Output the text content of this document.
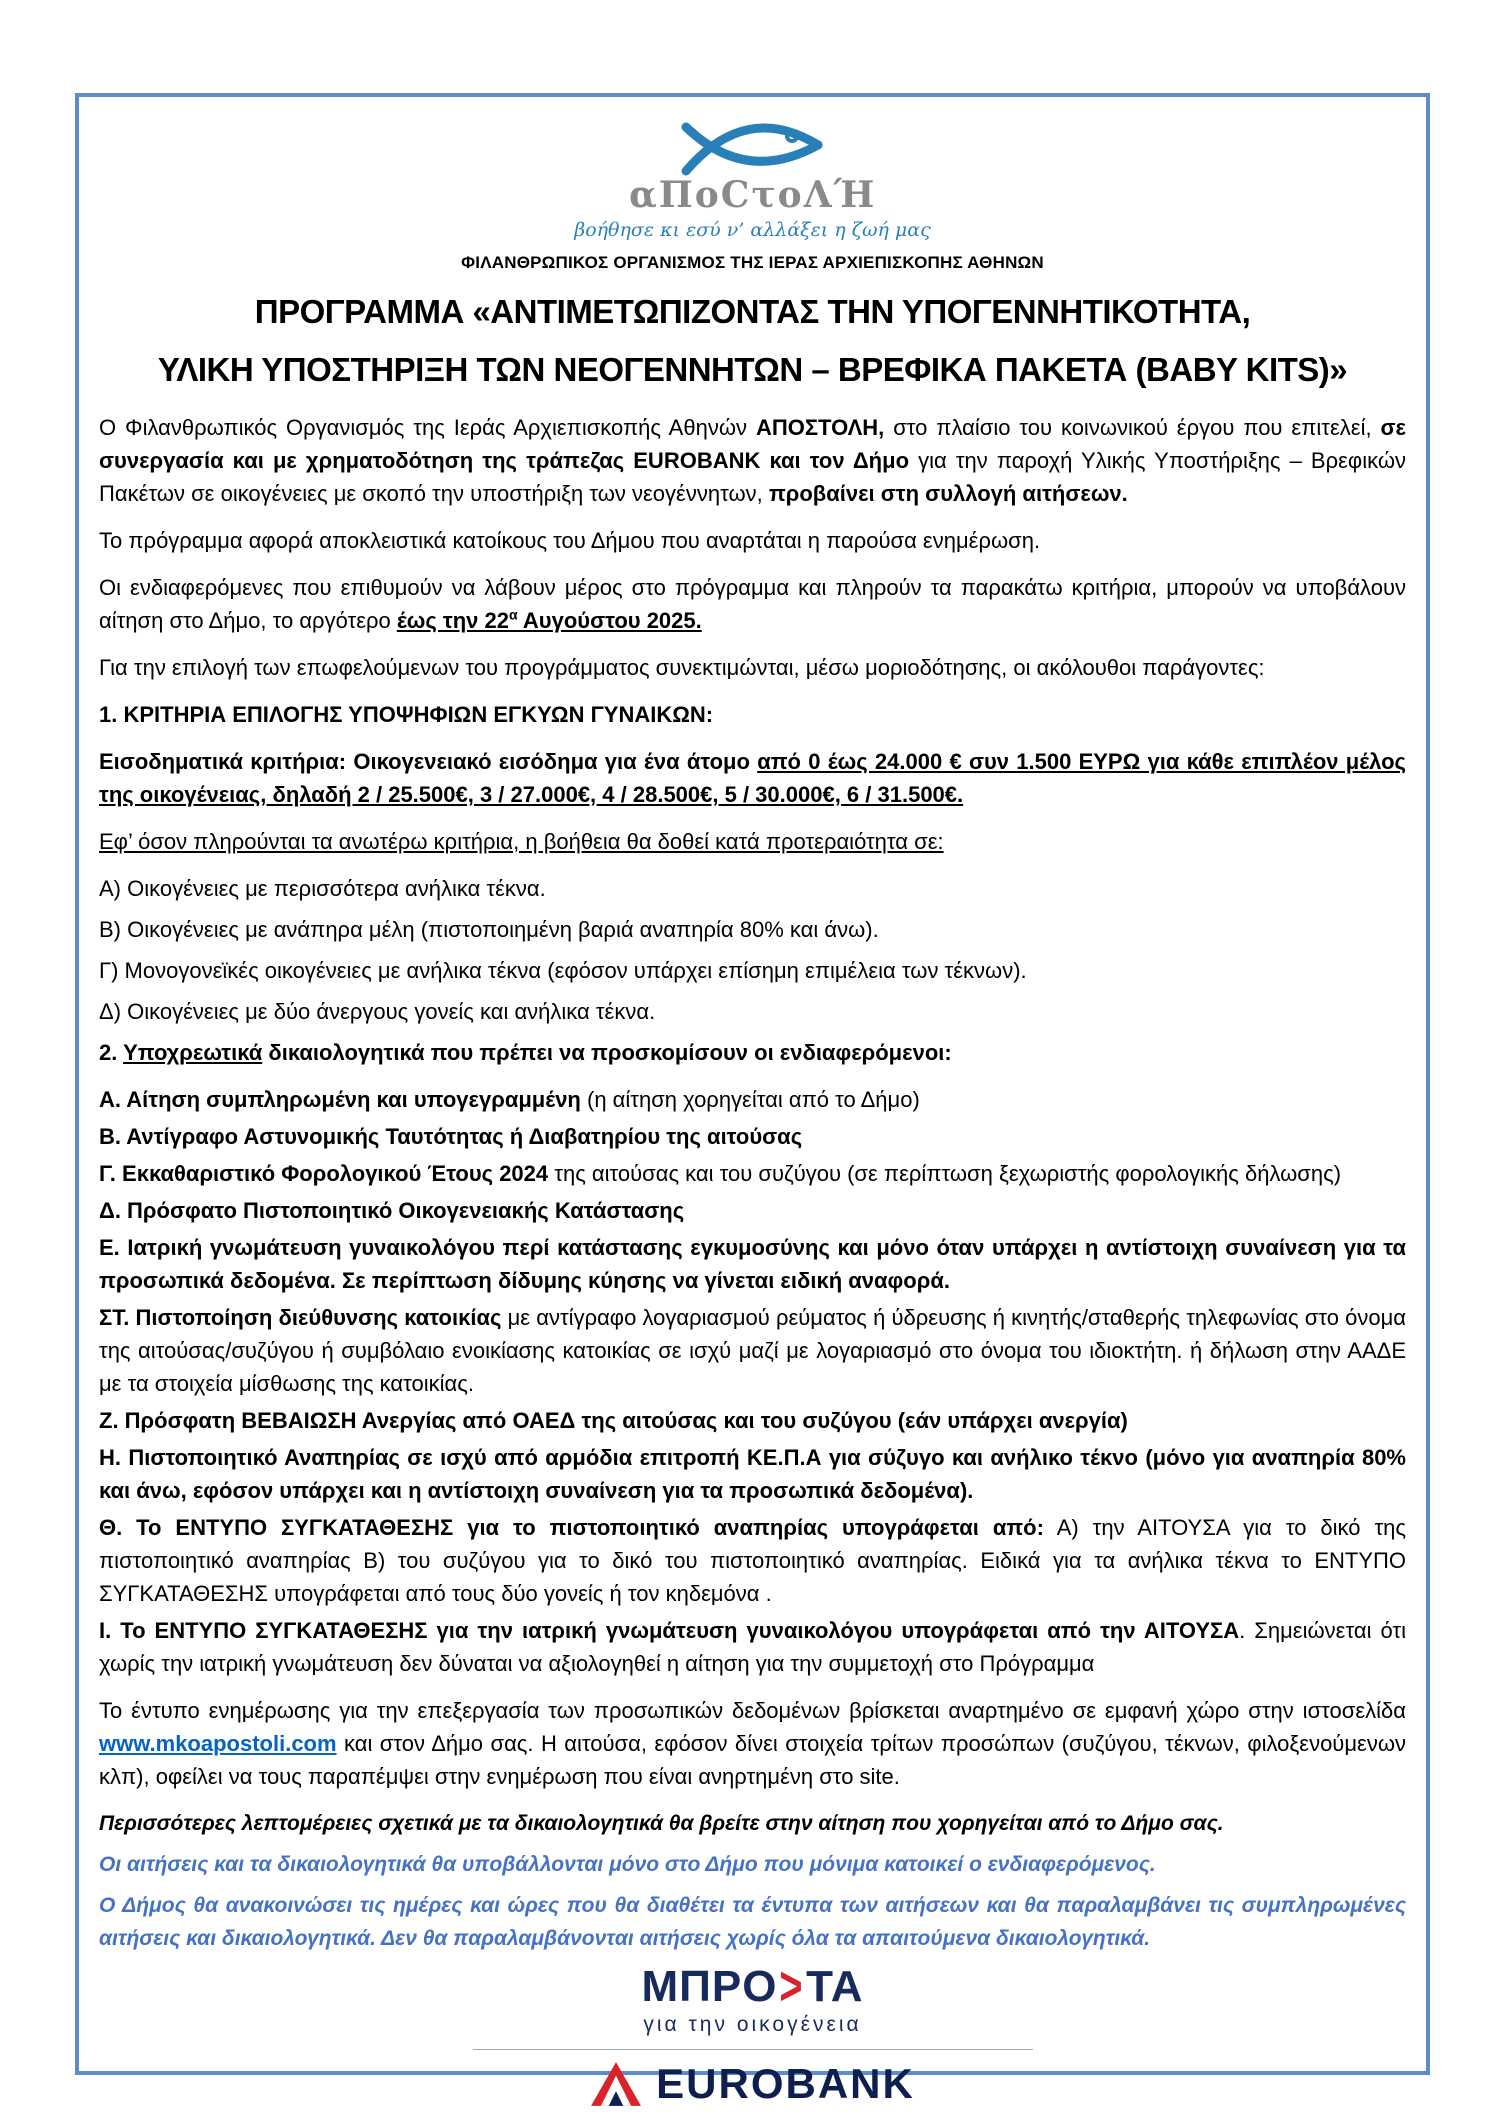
αΠοCτoΛΉ
βοήθησε κι εσύ ν’ αλλάξει η ζωή μας
ΦΙΛΑΝΘΡΩΠΙΚΟΣ ΟΡΓΑΝΙΣΜΟΣ ΤΗΣ ΙΕΡΑΣ ΑΡΧΙΕΠΙΣΚΟΠΗΣ ΑΘΗΝΩΝ
ΠΡΟΓΡΑΜΜΑ «ΑΝΤΙΜΕΤΩΠΙΖΟΝΤΑΣ ΤΗΝ ΥΠΟΓΕΝΝΗΤΙΚΟΤΗΤΑ,
ΥΛΙΚΗ ΥΠΟΣΤΗΡΙΞΗ ΤΩΝ ΝΕΟΓΕΝΝΗΤΩΝ – ΒΡΕΦΙΚΑ ΠΑΚΕΤΑ (BABY KITS)»

Ο Φιλανθρωπικός Οργανισμός της Ιεράς Αρχιεπισκοπής Αθηνών ΑΠΟΣΤΟΛΗ, στο πλαίσιο του κοινωνικού έργου που επιτελεί, σε συνεργασία και με χρηματοδότηση της τράπεζας EUROBANK και τον Δήμο για την παροχή Υλικής Υποστήριξης – Βρεφικών Πακέτων σε οικογένειες με σκοπό την υποστήριξη των νεογέννητων, προβαίνει στη συλλογή αιτήσεων.

Το πρόγραμμα αφορά αποκλειστικά κατοίκους του Δήμου που αναρτάται η παρούσα ενημέρωση.

Οι ενδιαφερόμενες που επιθυμούν να λάβουν μέρος στο πρόγραμμα και πληρούν τα παρακάτω κριτήρια, μπορούν να υποβάλουν αίτηση στο Δήμο, το αργότερο έως την $22^\alpha$ Αυγούστου 2025.

Για την επιλογή των επωφελούμενων του προγράμματος συνεκτιμώνται, μέσω μοριοδότησης, οι ακόλουθοι παράγοντες:

1. ΚΡΙΤΗΡΙΑ ΕΠΙΛΟΓΗΣ ΥΠΟΨΗΦΙΩΝ ΕΓΚΥΩΝ ΓΥΝΑΙΚΩΝ:

Εισοδηματικά κριτήρια: Οικογενειακό εισόδημα για ένα άτομο από 0 έως 24.000 € συν 1.500 ΕΥΡΩ για κάθε επιπλέον μέλος της οικογένειας, δηλαδή 2 / 25.500€, 3 / 27.000€, 4 / 28.500€, 5 / 30.000€, 6 / 31.500€.

Εφ’ όσον πληρούνται τα ανωτέρω κριτήρια, η βοήθεια θα δοθεί κατά προτεραιότητα σε:

Α) Οικογένειες με περισσότερα ανήλικα τέκνα.

Β) Οικογένειες με ανάπηρα μέλη (πιστοποιημένη βαριά αναπηρία 80% και άνω).

Γ) Μονογονεϊκές οικογένειες με ανήλικα τέκνα (εφόσον υπάρχει επίσημη επιμέλεια των τέκνων).

Δ) Οικογένειες με δύο άνεργους γονείς και ανήλικα τέκνα.

2. Υποχρεωτικά δικαιολογητικά που πρέπει να προσκομίσουν οι ενδιαφερόμενοι:

Α. Αίτηση συμπληρωμένη και υπογεγραμμένη (η αίτηση χορηγείται από το Δήμο)

Β. Αντίγραφο Αστυνομικής Ταυτότητας ή Διαβατηρίου της αιτούσας

Γ. Εκκαθαριστικό Φορολογικού Έτους 2024 της αιτούσας και του συζύγου (σε περίπτωση ξεχωριστής φορολογικής δήλωσης)

Δ. Πρόσφατο Πιστοποιητικό Οικογενειακής Κατάστασης

Ε. Ιατρική γνωμάτευση γυναικολόγου περί κατάστασης εγκυμοσύνης και μόνο όταν υπάρχει η αντίστοιχη συναίνεση για τα προσωπικά δεδομένα. Σε περίπτωση δίδυμης κύησης να γίνεται ειδική αναφορά.

ΣΤ. Πιστοποίηση διεύθυνσης κατοικίας με αντίγραφο λογαριασμού ρεύματος ή ύδρευσης ή κινητής/σταθερής τηλεφωνίας στο όνομα της αιτούσας/συζύγου ή συμβόλαιο ενοικίασης κατοικίας σε ισχύ μαζί με λογαριασμό στο όνομα του ιδιοκτήτη. ή δήλωση στην ΑΑΔΕ με τα στοιχεία μίσθωσης της κατοικίας.

Ζ. Πρόσφατη ΒΕΒΑΙΩΣΗ Ανεργίας από ΟΑΕΔ της αιτούσας και του συζύγου (εάν υπάρχει ανεργία)

Η. Πιστοποιητικό Αναπηρίας σε ισχύ από αρμόδια επιτροπή ΚΕ.Π.Α για σύζυγο και ανήλικο τέκνο (μόνο για αναπηρία 80% και άνω, εφόσον υπάρχει και η αντίστοιχη συναίνεση για τα προσωπικά δεδομένα).

Θ. Το ΕΝΤΥΠΟ ΣΥΓΚΑΤΑΘΕΣΗΣ για το πιστοποιητικό αναπηρίας υπογράφεται από: Α) την ΑΙΤΟΥΣΑ για το δικό της πιστοποιητικό αναπηρίας Β) του συζύγου για το δικό του πιστοποιητικό αναπηρίας. Ειδικά για τα ανήλικα τέκνα το ΕΝΤΥΠΟ ΣΥΓΚΑΤΑΘΕΣΗΣ υπογράφεται από τους δύο γονείς ή τον κηδεμόνα .

Ι. Το ΕΝΤΥΠΟ ΣΥΓΚΑΤΑΘΕΣΗΣ για την ιατρική γνωμάτευση γυναικολόγου υπογράφεται από την ΑΙΤΟΥΣΑ. Σημειώνεται ότι χωρίς την ιατρική γνωμάτευση δεν δύναται να αξιολογηθεί η αίτηση για την συμμετοχή στο Πρόγραμμα

Το έντυπο ενημέρωσης για την επεξεργασία των προσωπικών δεδομένων βρίσκεται αναρτημένο σε εμφανή χώρο στην ιστοσελίδα www.mkoapostoli.com και στον Δήμο σας. Η αιτούσα, εφόσον δίνει στοιχεία τρίτων προσώπων (συζύγου, τέκνων, φιλοξενούμενων κλπ), οφείλει να τους παραπέμψει στην ενημέρωση που είναι ανηρτημένη στο site.

Περισσότερες λεπτομέρειες σχετικά με τα δικαιολογητικά θα βρείτε στην αίτηση που χορηγείται από το Δήμο σας.

Οι αιτήσεις και τα δικαιολογητικά θα υποβάλλονται μόνο στο Δήμο που μόνιμα κατοικεί ο ενδιαφερόμενος.

Ο Δήμος θα ανακοινώσει τις ημέρες και ώρες που θα διαθέτει τα έντυπα των αιτήσεων και θα παραλαμβάνει τις συμπληρωμένες αιτήσεις και δικαιολογητικά. Δεν θα παραλαμβάνονται αιτήσεις χωρίς όλα τα απαιτούμενα δικαιολογητικά.

ΜΠΡΟ>ΤΑ
για την οικογένεια
EUROBANK
